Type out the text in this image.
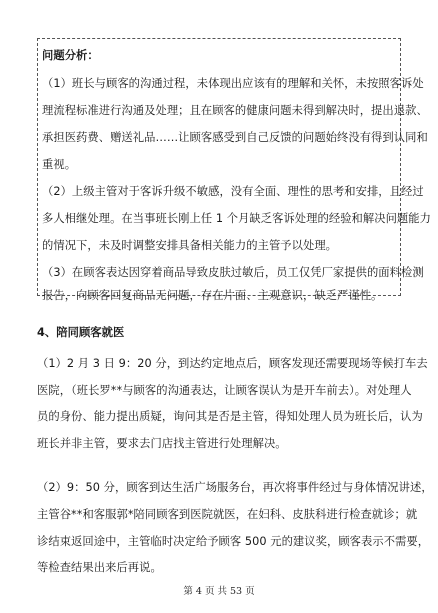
问题分析：
（1）班长与顾客的沟通过程，未体现出应该有的理解和关怀，未按照客诉处
理流程标准进行沟通及处理；且在顾客的健康问题未得到解决时，提出退款、
承担医药费、赠送礼品……让顾客感受到自己反馈的问题始终没有得到认同和
重视。
（2）上级主管对于客诉升级不敏感，没有全面、理性的思考和安排，且经过
多人相继处理。在当事班长刚上任 1 个月缺乏客诉处理的经验和解决问题能力
的情况下，未及时调整安排具备相关能力的主管予以处理。
（3）在顾客表达因穿着商品导致皮肤过敏后，员工仅凭厂家提供的面料检测
报告，向顾客回复商品无问题，存在片面、主观意识，缺乏严谨性。
4、陪同顾客就医
（1）2 月 3 日 9：20 分，到达约定地点后，顾客发现还需要现场等候打车去
医院，（班长罗**与顾客的沟通表达，让顾客误认为是开车前去）。对处理人
员的身份、能力提出质疑，询问其是否是主管，得知处理人员为班长后，认为
班长并非主管，要求去门店找主管进行处理解决。
（2）9：50 分，顾客到达生活广场服务台，再次将事件经过与身体情况讲述，
主管谷**和客服郭*陪同顾客到医院就医，在妇科、皮肤科进行检查就诊；就
诊结束返回途中，主管临时决定给予顾客 500 元的建议奖，顾客表示不需要，
等检查结果出来后再说。
第 4 页 共 53 页
